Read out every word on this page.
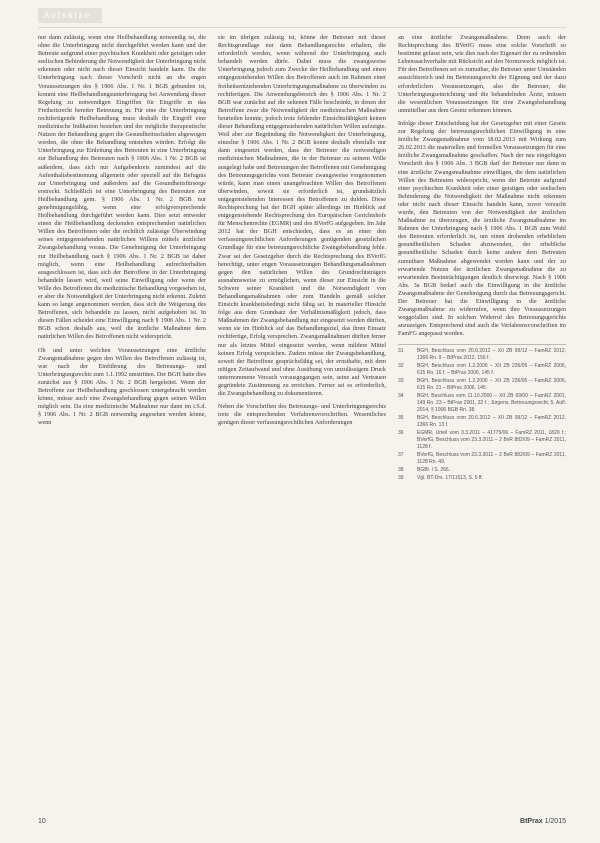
Aufsätze

nur dann zulässig, wenn eine Heilbehandlung notwendig ist, die ohne die Unterbringung nicht durchgeführt werden kann und der Betreute aufgrund einer psychischen Krankheit oder geistigen oder seelischen Behinderung die Notwendigkeit der Unterbringung nicht erkennen oder nicht nach dieser Einsicht handeln kann. Da die Unterbringung nach dieser Vorschrift nicht an die engen Voraussetzungen des § 1906 Abs. 1 Nr. 1 BGB gebunden ist, kommt eine Heilbehandlungsunterbringung bei Anwendung dieser Regelung zu notwendigen Eingriffen für Eingriffe in das Freiheitsrecht bereiter Betreuung in. Für eine die Unterbringung rechtfertigende Heilbehandlung muss deshalb ihr Eingriff eine medizinische Indikation bestehen und der mögliche therapeutische Nutzen der Behandlung gegen die Gesundheitsschäden abgewogen werden, die ohne die Behandlung entstehen würden. Erfolgt die Unterbringung zur Einleitung des Betreuten in eine Unterbringung zur Behandlung des Betreuten nach § 1906 Abs. 1 Nr. 2 BGB ist außerdem, dass sich nur Aufgabenkreis zumindest auf die Aufenthaltsbestimmung allgemein oder speziell auf die Befugnis zur Unterbringung und außerdem auf die Gesundheitsfürsorge erstreckt. Schließlich ist eine Unterbringung des Betreuten zur Heilbehandlung gem. § 1906 Abs. 1 Nr. 2 BGB nur genehmigungsfähig, wenn eine erfolgversprechende Heilbehandlung durchgeführt werden kann. Dies setzt entweder einen die Heilbehandlung deckenden entsprechenden natürlichen Willen des Betroffenen oder die rechtlich zulässige Überwindung seines entgegenstehenden natürlichen Willens mittels ärztlicher Zwangsbehandlung voraus. Die Genehmigung der Unterbringung zur Heilbehandlung nach § 1906 Abs. 1 Nr. 2 BGB ist daher möglich, wenn eine Heilbehandlung aufrechterhalten ausgeschlossen ist, dass sich der Betroffene in der Unterbringung behandeln lassen wird, weil seine Einwilligung oder wenn der Wille des Betroffenen die medizinische Behandlung vorgesehen ist, er aber die Notwendigkeit der Unterbringung nicht erkennt. Zuletzt kann so lange angenommen werden, dass sich die Weigerung des Betroffenen, sich behandeln zu lassen, nicht aufgehoben ist. In diesen Fällen scheidet eine Einwilligung nach § 1906 Abs. 1 Nr. 2 BGB schon deshalb aus, weil die ärztliche Maßnahme dem natürlichen Willen des Betroffenen nicht widerspricht.

Ob und unter welchen Voraussetzungen eine ärztliche Zwangsmaßnahme gegen den Willen des Betroffenen zulässig ist, war nach der Einführung des Betreuungs- und Unterbringungsrechts zum 1.1.1992 umstritten. Der BGH hatte dies zunächst aus § 1906 Abs. 1 Nr. 2 BGB hergeleitet. Wenn der Betroffene zur Heilbehandlung geschlossen untergebracht werden könne, müsse auch eine Zwangsbehandlung gegen seinen Willen möglich sein. Da eine medizinische Maßnahme nur dann im i.S.d. § 1906 Abs. 1 Nr. 2 BGB notwendig angesehen werden könne, wenn

sie im übrigen zulässig ist, könne der Betreuer mit dieser Rechtsgrundlage nur dann Behandlungsrechte erhalten, die erforderlich werden, wenn während der Unterbringung auch behandelt werden dürfe. Dabei muss die zwangsweise Unterbringung jedoch zum Zwecke der Heilbehandlung und einen entgegenstehenden Willen des Betroffenen auch im Rahmen einer freiheitsentziehenden Unterbringungsmaßnahme zu überwinden zu rechtfertigen. Die Anwendungsbereich des § 1906 Abs. 1 Nr. 2 BGB war zunächst auf die seltenen Fälle beschränkt, in denen der Betroffene zwar die Notwendigkeit der medizinischen Maßnahme beurteilen konnte, jedoch trotz fehlender Einsichtsfähigkeit keinen dieser Behandlung entgegenstehenden natürlichen Willen aufzeigte. Weil aber zur Begründung die Notwendigkeit der Unterbringung, einzelne § 1906 Abs. 1 Nr. 2 BGB konne deshalb ebenfalls nur dann eingesetzt werden, dass der Betreuer die notwendigen medizinischen Maßnahmen, die in der Betreuer zu seinem Wille ausgelegt habe und Betreuungen der Betroffenen mit Genehmigung des Betreuungsgerichts vom Betreuer zwangsweise vorgenommen würde, kann man einen unangebrachten Willen des Betroffenen überwinden, soweit sie erforderlich ist, grundsätzlich entgegenstehenden Interessen des Betroffenen zu dulden. Diese Rechtsprechung hat der BGH später allerdings im Hinblick auf entgegenstehende Rechtsprechung des Europäischen Gerichtshofs für Menschenrechte (EGMR) und des BVerfG aufgegeben. Im Jahr 2012 hat der BGH entschieden, dass es an einer den verfassungsrechtlichen Anforderungen genügenden gesetzlichen Grundlage für eine betreuungsrechtliche Zwangsbehandlung fehle. Zwar sei der Gesetzgeber durch die Rechtsprechung des BVerfG berechtigt, unter engen Voraussetzungen Behandlungsmaßnahmen gegen den natürlichen Willen des Grundrechtsträgers ausnahmsweise zu ermöglichen, wenn dieser zur Einsicht in die Schwere seiner Krankheit und die Notwendigkeit von Behandlungsmaßnahmen oder zum Handeln gemäß solcher Einsicht krankheitsbedingt nicht fähig sei. In materieller Hinsicht folge aus dem Grundsatz der Verhältnismäßigkeit jedoch, dass Maßnahmen der Zwangsbehandlung nur eingesetzt werden dürften, wenn sie im Hinblick auf das Behandlungsziel, das ihren Einsatz rechtfertige, Erfolg versprechen. Zwangsmaßnahmen dürften ferner nur als letztes Mittel eingesetzt werden, wenn mildere Mittel keinen Erfolg versprächen. Zudem müsse der Zwangsbehandlung, soweit der Betroffene gesprächsfähig sei, der ernsthafte, mit dem nötigen Zeitaufwand und ohne Ausübung von unzulässigem Druck unternommene Versuch vorausgegangen sein, seine auf Vertrauen gegründete Zustimmung zu erreichen. Ferner sei es erforderlich, die Zwangsbehandlung zu dokumentieren.

Neben die Vorschriften des Betreuungs- und Unterbringungsrechts trete die entsprechenden Verfahrensvorschriften. Wesentliches genügen dieser verfassungsrechtlichen Anforderungen

an eine ärztliche Zwangsmaßnahme. Denn auch der Rechtsprechung des BVerfG muss eine solche Vorschrift so bestimmt gefasst sein, wie dies nach der Eigenart der zu ordnenden Lebenssachverhalte mit Rücksicht auf den Normzweck möglich ist. Für den Betroffenen sei es zumutbar, die Betreuer unter Umständen aussichtsreich und im Betreuungsrecht der Eignung und der dazu erforderlichen Voraussetzungen, also die Betreuer, die Unterbringungseinrichtung und die behandelnden Ärzte, müssen die wesentlichen Voraussetzungen für eine Zwangsbehandlung unmittelbar aus dem Gesetz erkennen können.

Infolge dieser Entscheidung hat der Gesetzgeber mit einer Gesetz zur Regelung der betreuungsrechtlichen Einwilligung in eine ärztliche Zwangsmaßnahme vom 18.02.2013 mit Wirkung zum 26.02.2013 die materiellen und formellen Voraussetzungen für eine ärztliche Zwangsmaßnahme geschaffen. Nach der neu eingefügten Vorschrift des § 1906 Abs. 3 BGB darf der Betreuer nur dann in eine ärztliche Zwangsmaßnahme einwilligen, die dem natürlichen Willen des Betreuten widerspricht, wenn der Betreute aufgrund einer psychischen Krankheit oder einer geistigen oder seelischen Behinderung die Notwendigkeit der Maßnahme nicht erkennen oder nicht nach dieser Einsicht handeln kann, zuvor versucht wurde, den Betreuten von der Notwendigkeit der ärztlichen Maßnahme zu überzeugen, die ärztliche Zwangsmaßnahme im Rahmen der Unterbringung nach § 1906 Abs. 1 BGB zum Wohl des Betreuten erforderlich ist, um einen drohenden erheblichen gesundheitlichen Schaden abzuwenden, der erhebliche gesundheitliche Schaden durch keine andere dem Betreuten zumutbare Maßnahme abgewendet werden kann und der zu erwartende Nutzen der ärztlichen Zwangsmaßnahme die zu erwartenden Beeinträchtigungen deutlich überwiegt. Nach § 1906 Abs. 3a BGB bedarf auch die Einwilligung in die ärztliche Zwangsmaßnahme der Genehmigung durch das Betreuungsgericht. Der Betreuer hat die Einwilligung in die ärztliche Zwangsmaßnahme zu widerrufen, wenn ihre Voraussetzungen weggefallen sind. In solchen Widerruf des Betreuungsgerichts anzuzeigen. Entsprechend sind auch die Verfahrensvorschriften im FamFG angepasst worden.

31	BGH, Beschluss vom 20.6.2012 – XII ZB 99/12 – FamRZ 2012, 1366 Rn. 9 – BtPrax 2012, 156 f.
32	BGH, Beschluss vom 1.2.2006 – XII ZB 236/05 – FamRZ 2006, 615 Rn. 16 f. – BtPrax 2006, 145 f.
33	BGH, Beschluss vom 1.2.2006 – XII ZB 236/05 – FamRZ 2006, 615 Rn. 21 – BtPrax 2006, 145.
34	BGH, Beschluss vom 11.10.2000 – XII ZB 69/00 – FamRZ 2001, 149 Rn. 23 – BtPrax 2001, 32 f.; Jürgens, Betreuungsrecht, 5. Aufl. 2014, § 1906 BGB Rn. 38.
35	BGH, Beschluss vom 20.6.2012 – XII ZB 99/12 – FamRZ 2012, 1366 Rn. 13 f.
36	EGMR, Urteil vom 3.3.2011 – 41775/06 – FamRZ 2011, 1829 f.; BVerfG, Beschluss vom 23.3.2011 – 2 BvR 882/09 – FamRZ 2011, 1128 f.
37	BVerfG, Beschluss vom 23.3.2011 – 2 BvR 882/09 – FamRZ 2011, 1128 Rn. 49.
38	BGBl. I S. 266.
39	Vgl. BT-Drs. 17/11513, S. 5 ff.
10	BtPrax 1/2015
